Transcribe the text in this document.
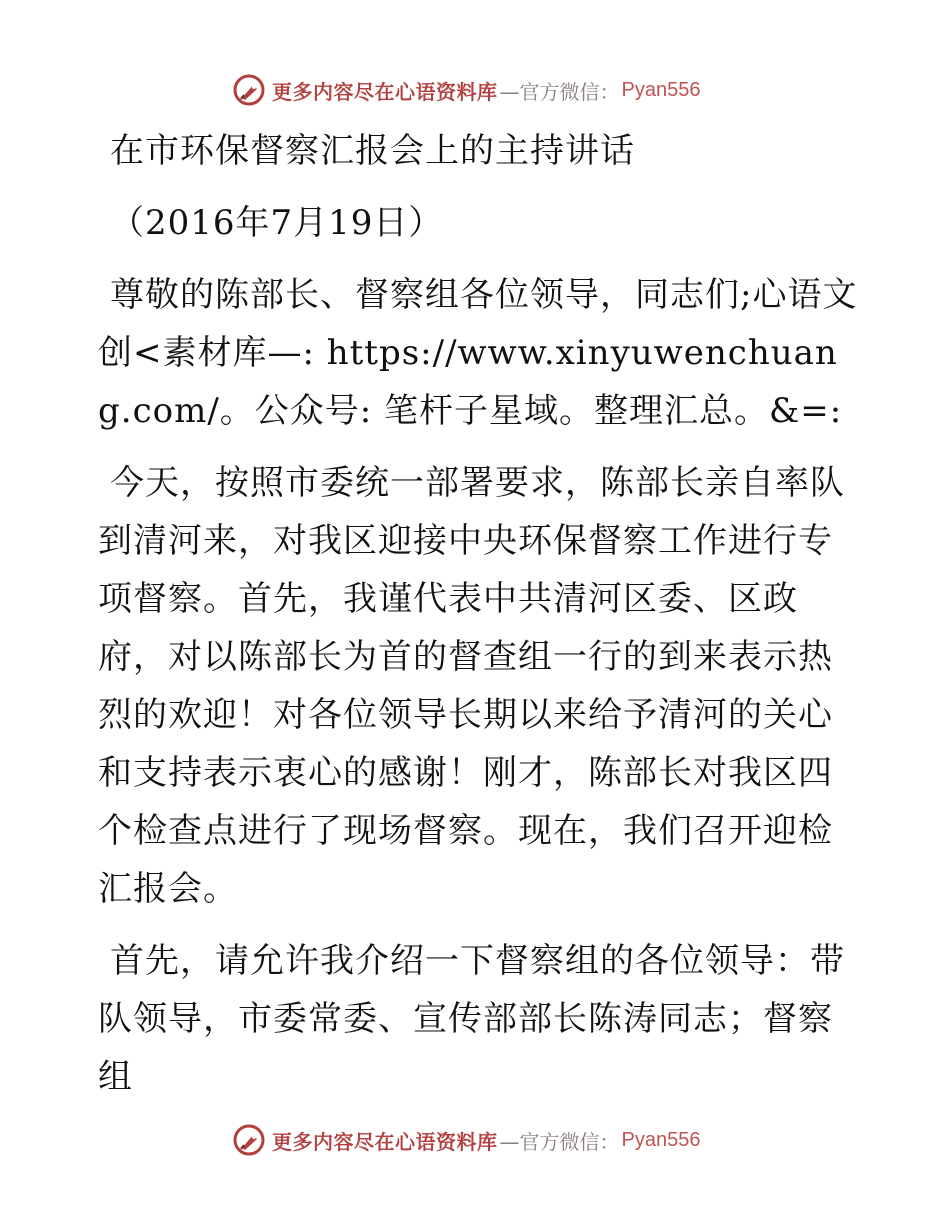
更多内容尽在心语资料库 —官方微信： Pyan556

在市环保督察汇报会上的主持讲话

（2016年7月19日）

尊敬的陈部长、督察组各位领导，同志们;心语文创<素材库—: https://www.xinyuwenchuang.com/。公众号: 笔杆子星域。整理汇总。&=:

今天，按照市委统一部署要求，陈部长亲自率队到清河来，对我区迎接中央环保督察工作进行专项督察。首先，我谨代表中共清河区委、区政府，对以陈部长为首的督查组一行的到来表示热烈的欢迎！对各位领导长期以来给予清河的关心和支持表示衷心的感谢！刚才，陈部长对我区四个检查点进行了现场督察。现在，我们召开迎检汇报会。

首先，请允许我介绍一下督察组的各位领导：带队领导，市委常委、宣传部部长陈涛同志；督察组

更多内容尽在心语资料库 —官方微信： Pyan556
